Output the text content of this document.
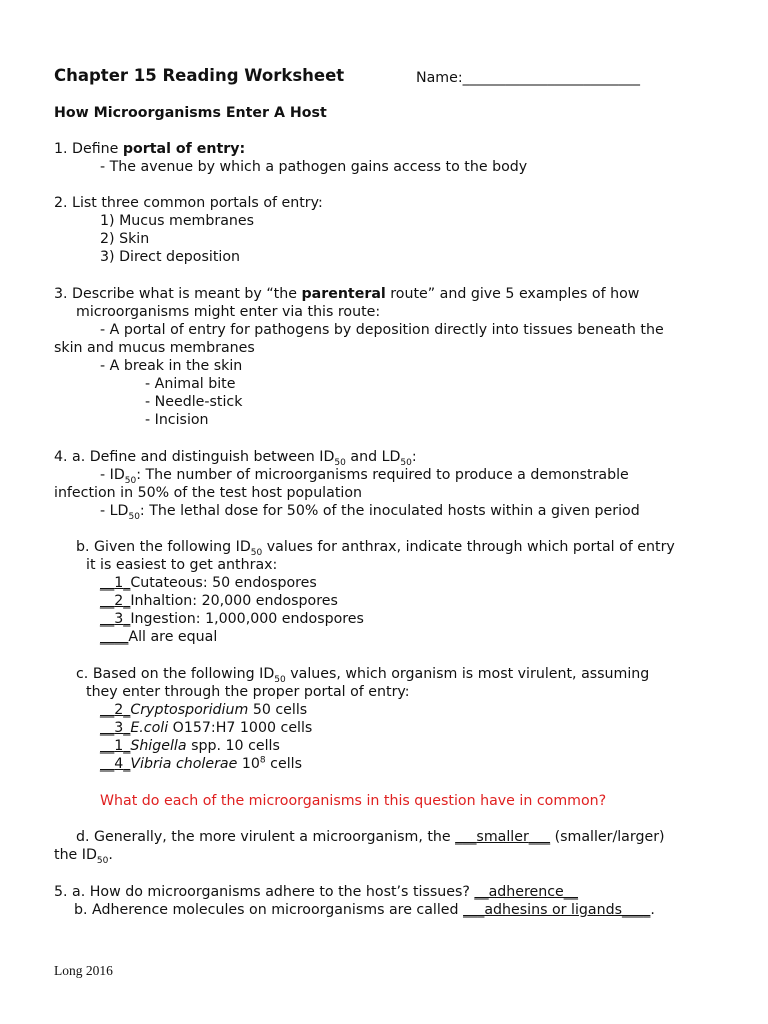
Chapter 15 Reading Worksheet	Name:_________________________
How Microorganisms Enter A Host
1. Define portal of entry:
- The avenue by which a pathogen gains access to the body
2. List three common portals of entry:
1) Mucus membranes
2) Skin
3) Direct deposition
3. Describe what is meant by “the parenteral route” and give 5 examples of how
microorganisms might enter via this route:
- A portal of entry for pathogens by deposition directly into tissues beneath the
skin and mucus membranes
- A break in the skin
- Animal bite
- Needle-stick
- Incision
4. a. Define and distinguish between $ID_{50}$ and $LD_{50}$:
- $ID_{50}$: The number of microorganisms required to produce a demonstrable
infection in 50% of the test host population
- $LD_{50}$: The lethal dose for 50% of the inoculated hosts within a given period
b. Given the following $ID_{50}$ values for anthrax, indicate through which portal of entry
it is easiest to get anthrax:
__1_Cutateous: 50 endospores
__2_Inhaltion: 20,000 endospores
__3_Ingestion: 1,000,000 endospores
____All are equal
c. Based on the following $ID_{50}$ values, which organism is most virulent, assuming
they enter through the proper portal of entry:
__2_Cryptosporidium 50 cells
__3_E.coli O157:H7 1000 cells
__1_Shigella spp. 10 cells
__4_Vibria cholerae $10^8$ cells
What do each of the microorganisms in this question have in common?
d. Generally, the more virulent a microorganism, the ___smaller___ (smaller/larger)
the $ID_{50}$.
5. a. How do microorganisms adhere to the host’s tissues? __adherence__
b. Adherence molecules on microorganisms are called ___adhesins or ligands____.
Long 2016
